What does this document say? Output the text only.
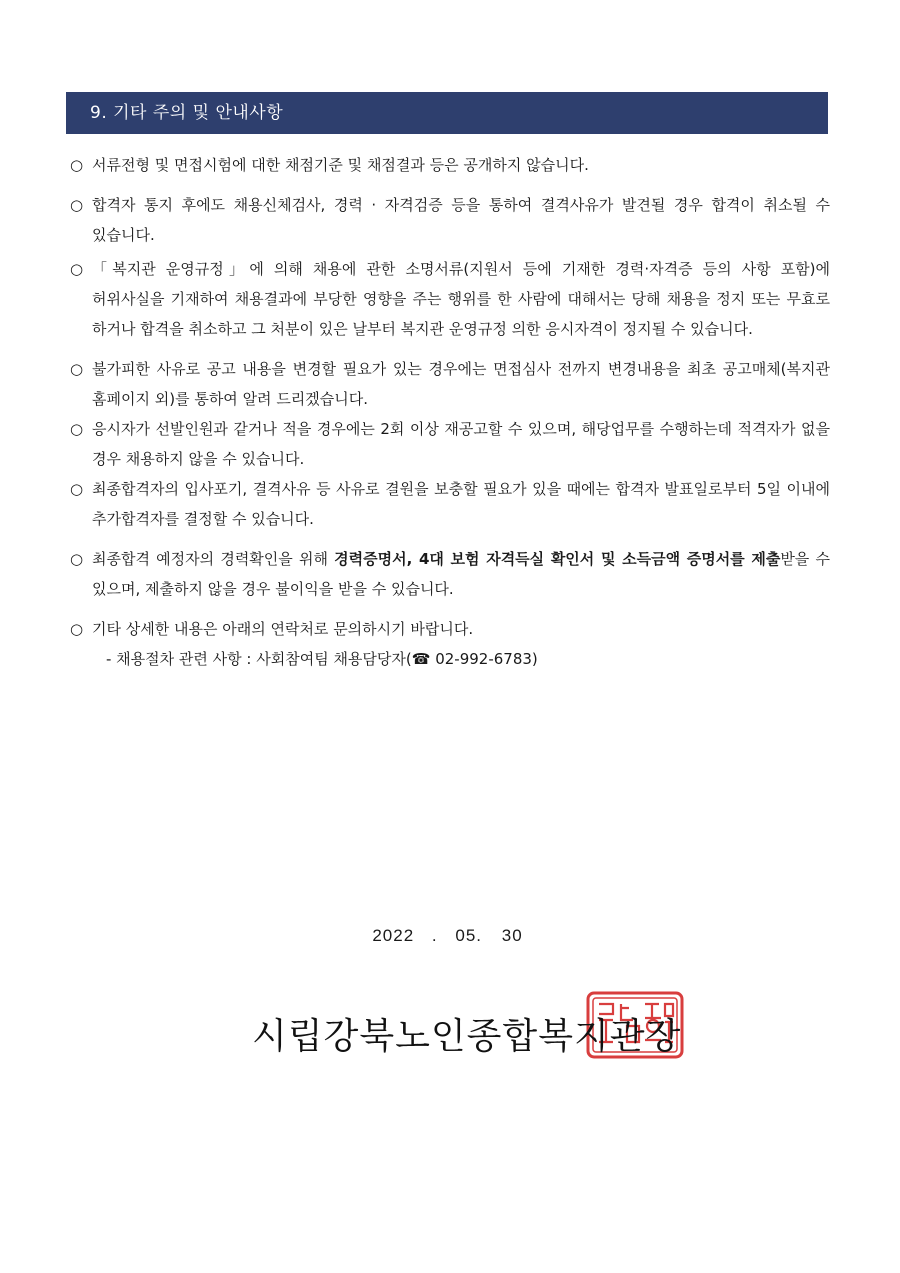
9. 기타 주의 및 안내사항
○ 서류전형 및 면접시험에 대한 채점기준 및 채점결과 등은 공개하지 않습니다.
○ 합격자 통지 후에도 채용신체검사, 경력 · 자격검증 등을 통하여 결격사유가 발견될 경우 합격이 취소될 수 있습니다.
○ 「복지관 운영규정」에 의해 채용에 관한 소명서류(지원서 등에 기재한 경력·자격증 등의 사항 포함)에 허위사실을 기재하여 채용결과에 부당한 영향을 주는 행위를 한 사람에 대해서는 당해 채용을 정지 또는 무효로 하거나 합격을 취소하고 그 처분이 있은 날부터 복지관 운영규정 의한 응시자격이 정지될 수 있습니다.
○ 불가피한 사유로 공고 내용을 변경할 필요가 있는 경우에는 면접심사 전까지 변경내용을 최초 공고매체(복지관 홈페이지 외)를 통하여 알려 드리겠습니다.
○ 응시자가 선발인원과 같거나 적을 경우에는 2회 이상 재공고할 수 있으며, 해당업무를 수행하는데 적격자가 없을 경우 채용하지 않을 수 있습니다.
○ 최종합격자의 입사포기, 결격사유 등 사유로 결원을 보충할 필요가 있을 때에는 합격자 발표일로부터 5일 이내에 추가합격자를 결정할 수 있습니다.
○ 최종합격 예정자의 경력확인을 위해 경력증명서, 4대 보험 자격득실 확인서 및 소득금액 증명서를 제출받을 수 있으며, 제출하지 않을 경우 불이익을 받을 수 있습니다.
○ 기타 상세한 내용은 아래의 연락처로 문의하시기 바랍니다.
- 채용절차 관련 사항 : 사회참여팀 채용담당자(☎ 02-992-6783)
2022 . 05. 30
시립강북노인종합복지관장
